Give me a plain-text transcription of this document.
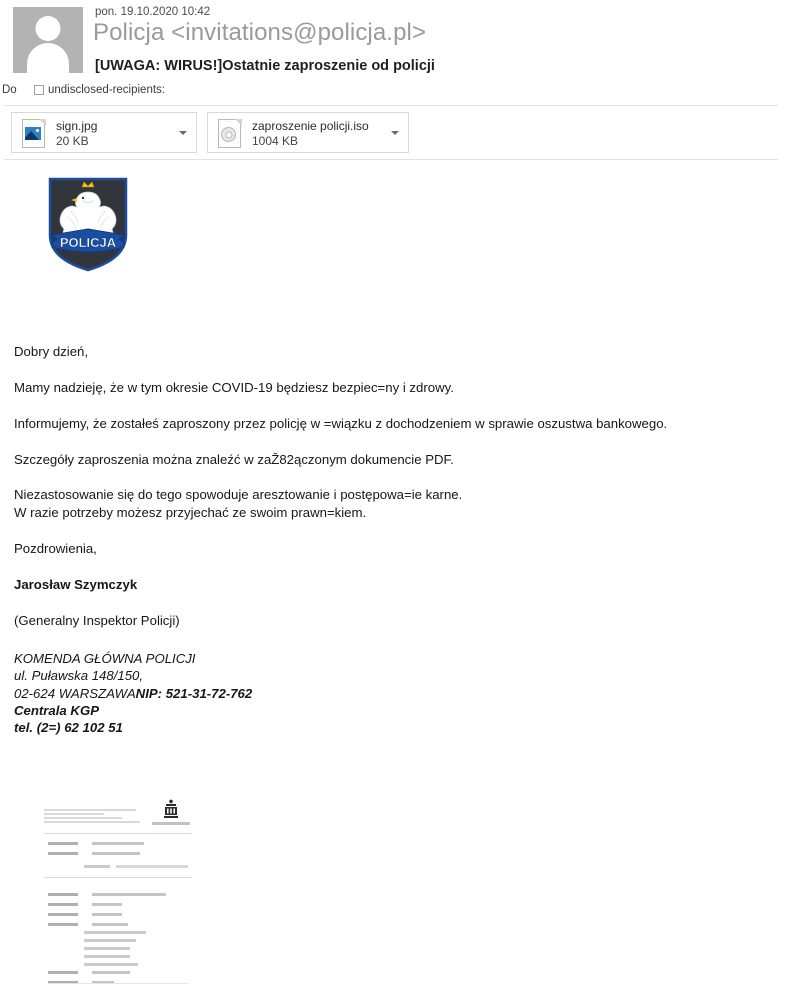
pon. 19.10.2020 10:42
Policja <invitations@policja.pl>
[UWAGA: WIRUS!]Ostatnie zaproszenie od policji
Do	undisclosed-recipients:
sign.jpg
20 KB
zaproszenie policji.iso
1004 KB
POLICJA

Dobry dzień,

Mamy nadzieję, że w tym okresie COVID-19 będziesz bezpiec=ny i zdrowy.

Informujemy, że zostałeś zaproszony przez policję w =wiązku z dochodzeniem w sprawie oszustwa bankowego.

Szczegóły zaproszenia można znaleźć w zaŽ82ączonym dokumencie PDF.

Niezastosowanie się do tego spowoduje aresztowanie i postępowa=ie karne.

W razie potrzeby możesz przyjechać ze swoim prawn=kiem.

Pozdrowienia,

Jarosław Szymczyk

(Generalny Inspektor Policji)

KOMENDA GŁÓWNA POLICJI
ul. Puławska 148/150,
02-624 WARSZAWANIP: 521-31-72-762
Centrala KGP
tel. (2=) 62 102 51
